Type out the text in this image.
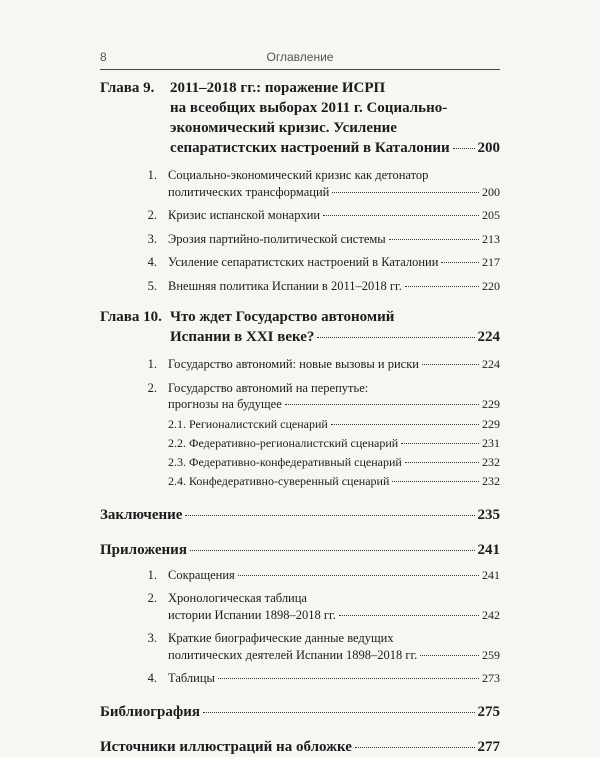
8	Оглавление
Глава 9. 2011–2018 гг.: поражение ИСРП
на всеобщих выборах 2011 г. Социально-
экономический кризис. Усиление
сепаратистских настроений в Каталонии 200
1. Социально-экономический кризис как детонатор
политических трансформаций	200
2. Кризис испанской монархии	205
3. Эрозия партийно-политической системы	213
4. Усиление сепаратистских настроений в Каталонии	217
5. Внешняя политика Испании в 2011–2018 гг.	220
Глава 10. Что ждет Государство автономий
Испании в XXI веке?	224
1. Государство автономий: новые вызовы и риски	224
2. Государство автономий на перепутье:
прогнозы на будущее	229
2.1. Регионалистский сценарий	229
2.2. Федеративно-регионалистский сценарий	231
2.3. Федеративно-конфедеративный сценарий	232
2.4. Конфедеративно-суверенный сценарий	232
Заключение	235
Приложения	241
1. Сокращения	241
2. Хронологическая таблица
истории Испании 1898–2018 гг.	242
3. Краткие биографические данные ведущих
политических деятелей Испании 1898–2018 гг.	259
4. Таблицы	273
Библиография	275
Источники иллюстраций на обложке	277
